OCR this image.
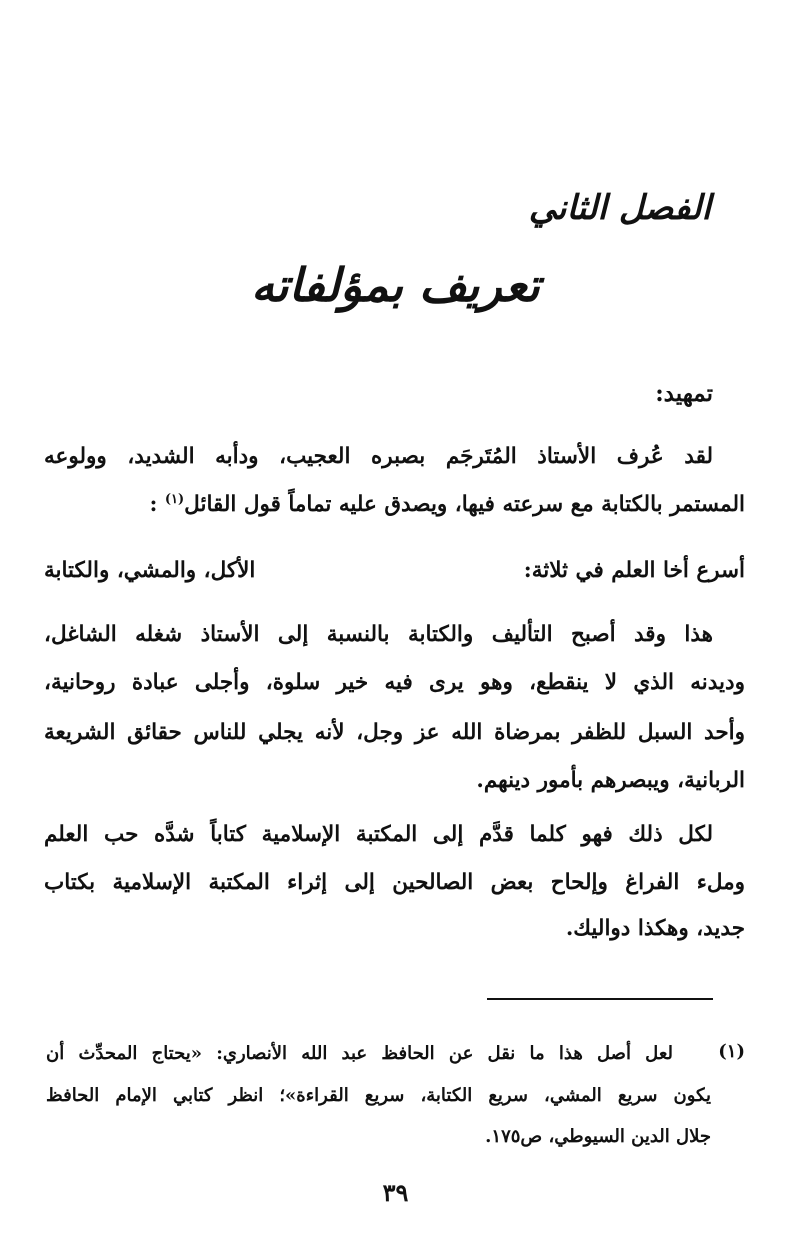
الفصل الثاني
تعريف بمؤلفاته
تمهيد:
لقد عُرف الأستاذ المُتَرجَم بصبره العجيب، ودأبه الشديد، وولوعه
المستمر بالكتابة مع سرعته فيها، ويصدق عليه تماماً قول القائل$^{(١)}$ :
أسرع أخا العلم في ثلاثة:
الأكل، والمشي، والكتابة
هذا وقد أصبح التأليف والكتابة بالنسبة إلى الأستاذ شغله الشاغل،
وديدنه الذي لا ينقطع، وهو يرى فيه خير سلوة، وأجلى عبادة روحانية،
وأحد السبل للظفر بمرضاة الله عز وجل، لأنه يجلي للناس حقائق الشريعة
الربانية، ويبصرهم بأمور دينهم.
لكل ذلك فهو كلما قدَّم إلى المكتبة الإسلامية كتاباً شدَّه حب العلم
وملء الفراغ وإلحاح بعض الصالحين إلى إثراء المكتبة الإسلامية بكتاب
جديد، وهكذا دواليك.
(١)
لعل أصل هذا ما نقل عن الحافظ عبد الله الأنصاري: «يحتاج المحدِّث أن
يكون سريع المشي، سريع الكتابة، سريع القراءة»؛ انظر كتابي الإمام الحافظ
جلال الدين السيوطي، ص١٧٥.
٣٩
